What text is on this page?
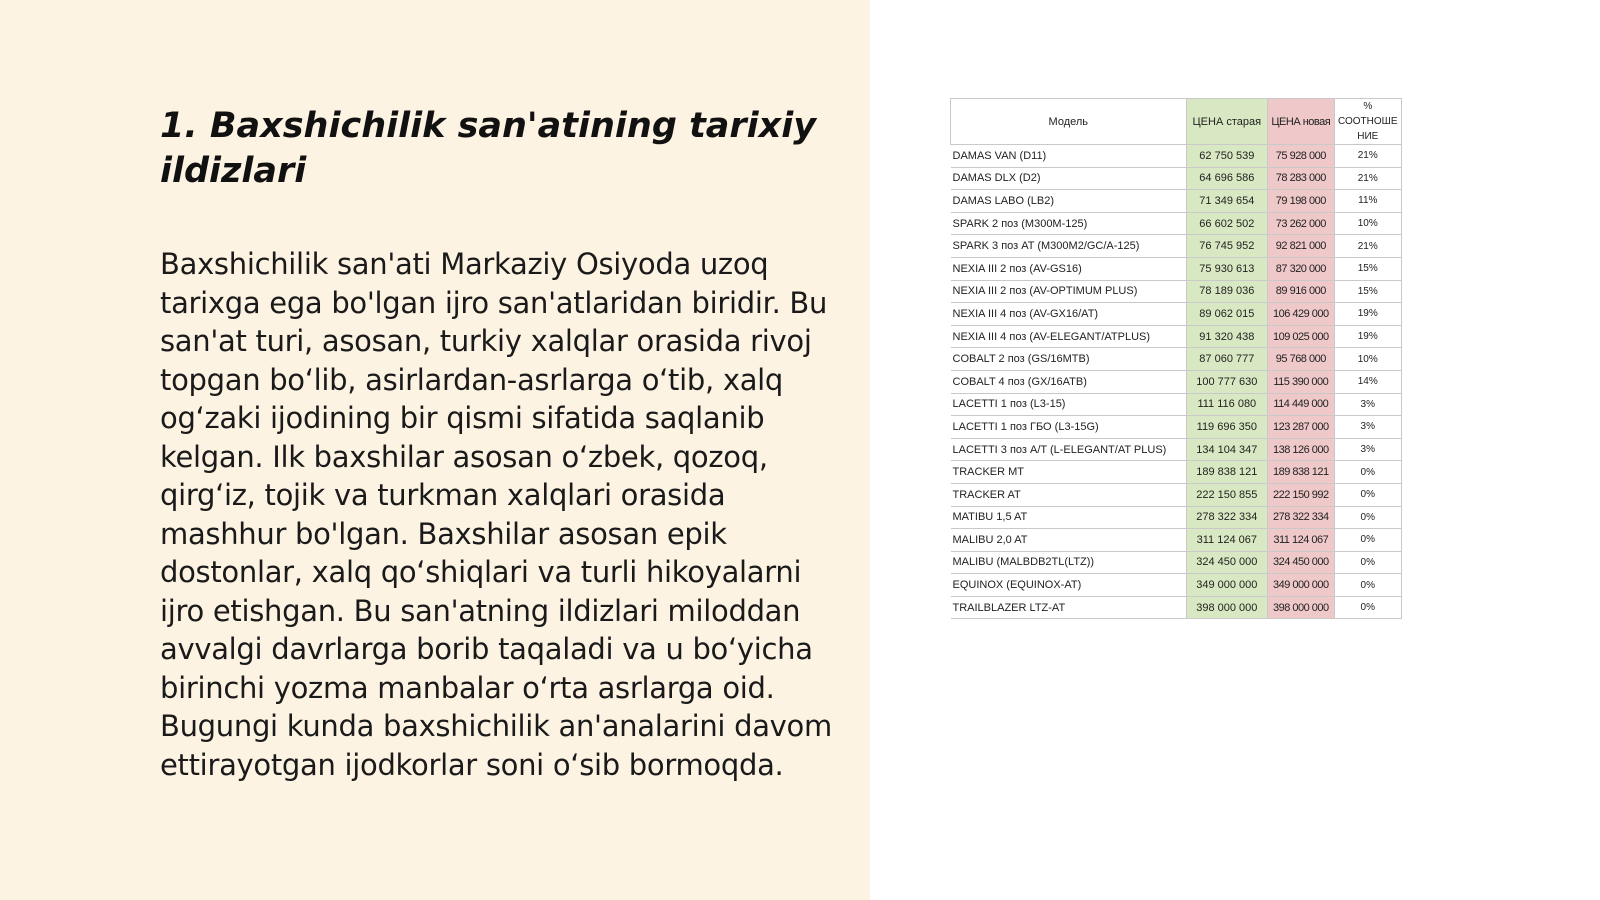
1. Baxshichilik san'atining tarixiy ildizlari

Baxshichilik san'ati Markaziy Osiyoda uzoq tarixga ega bo'lgan ijro san'atlaridan biridir. Bu san'at turi, asosan, turkiy xalqlar orasida rivoj topgan bo‘lib, asirlardan-asrlarga o‘tib, xalq og‘zaki ijodining bir qismi sifatida saqlanib kelgan. Ilk baxshilar asosan o‘zbek, qozoq, qirg‘iz, tojik va turkman xalqlari orasida mashhur bo'lgan. Baxshilar asosan epik dostonlar, xalq qo‘shiqlari va turli hikoyalarni ijro etishgan. Bu san'atning ildizlari miloddan avvalgi davrlarga borib taqaladi va u bo‘yicha birinchi yozma manbalar o‘rta asrlarga oid. Bugungi kunda baxshichilik an'analarini davom ettirayotgan ijodkorlar soni o‘sib bormoqda.

Модель	ЦЕНА старая	ЦЕНА новая	% СООТНОШЕ НИЕ
DAMAS VAN (D11)	62 750 539	75 928 000	21%
DAMAS DLX (D2)	64 696 586	78 283 000	21%
DAMAS LABO (LB2)	71 349 654	79 198 000	11%
SPARK 2 поз (M300M-125)	66 602 502	73 262 000	10%
SPARK 3 поз AT (M300M2/GC/A-125)	76 745 952	92 821 000	21%
NEXIA III 2 поз (AV-GS16)	75 930 613	87 320 000	15%
NEXIA III 2 поз (AV-OPTIMUM PLUS)	78 189 036	89 916 000	15%
NEXIA III 4 поз (AV-GX16/AT)	89 062 015	106 429 000	19%
NEXIA III 4 поз (AV-ELEGANT/ATPLUS)	91 320 438	109 025 000	19%
COBALT 2 поз (GS/16MTB)	87 060 777	95 768 000	10%
COBALT 4 поз (GX/16ATB)	100 777 630	115 390 000	14%
LACETTI 1 поз (L3-15)	111 116 080	114 449 000	3%
LACETTI 1 поз ГБО (L3-15G)	119 696 350	123 287 000	3%
LACETTI 3 поз A/T (L-ELEGANT/AT PLUS)	134 104 347	138 126 000	3%
TRACKER MT	189 838 121	189 838 121	0%
TRACKER AT	222 150 855	222 150 992	0%
MATIBU 1,5 AT	278 322 334	278 322 334	0%
MALIBU 2,0 AT	311 124 067	311 124 067	0%
MALIBU (MALBDB2TL(LTZ))	324 450 000	324 450 000	0%
EQUINOX (EQUINOX-AT)	349 000 000	349 000 000	0%
TRAILBLAZER LTZ-AT	398 000 000	398 000 000	0%
